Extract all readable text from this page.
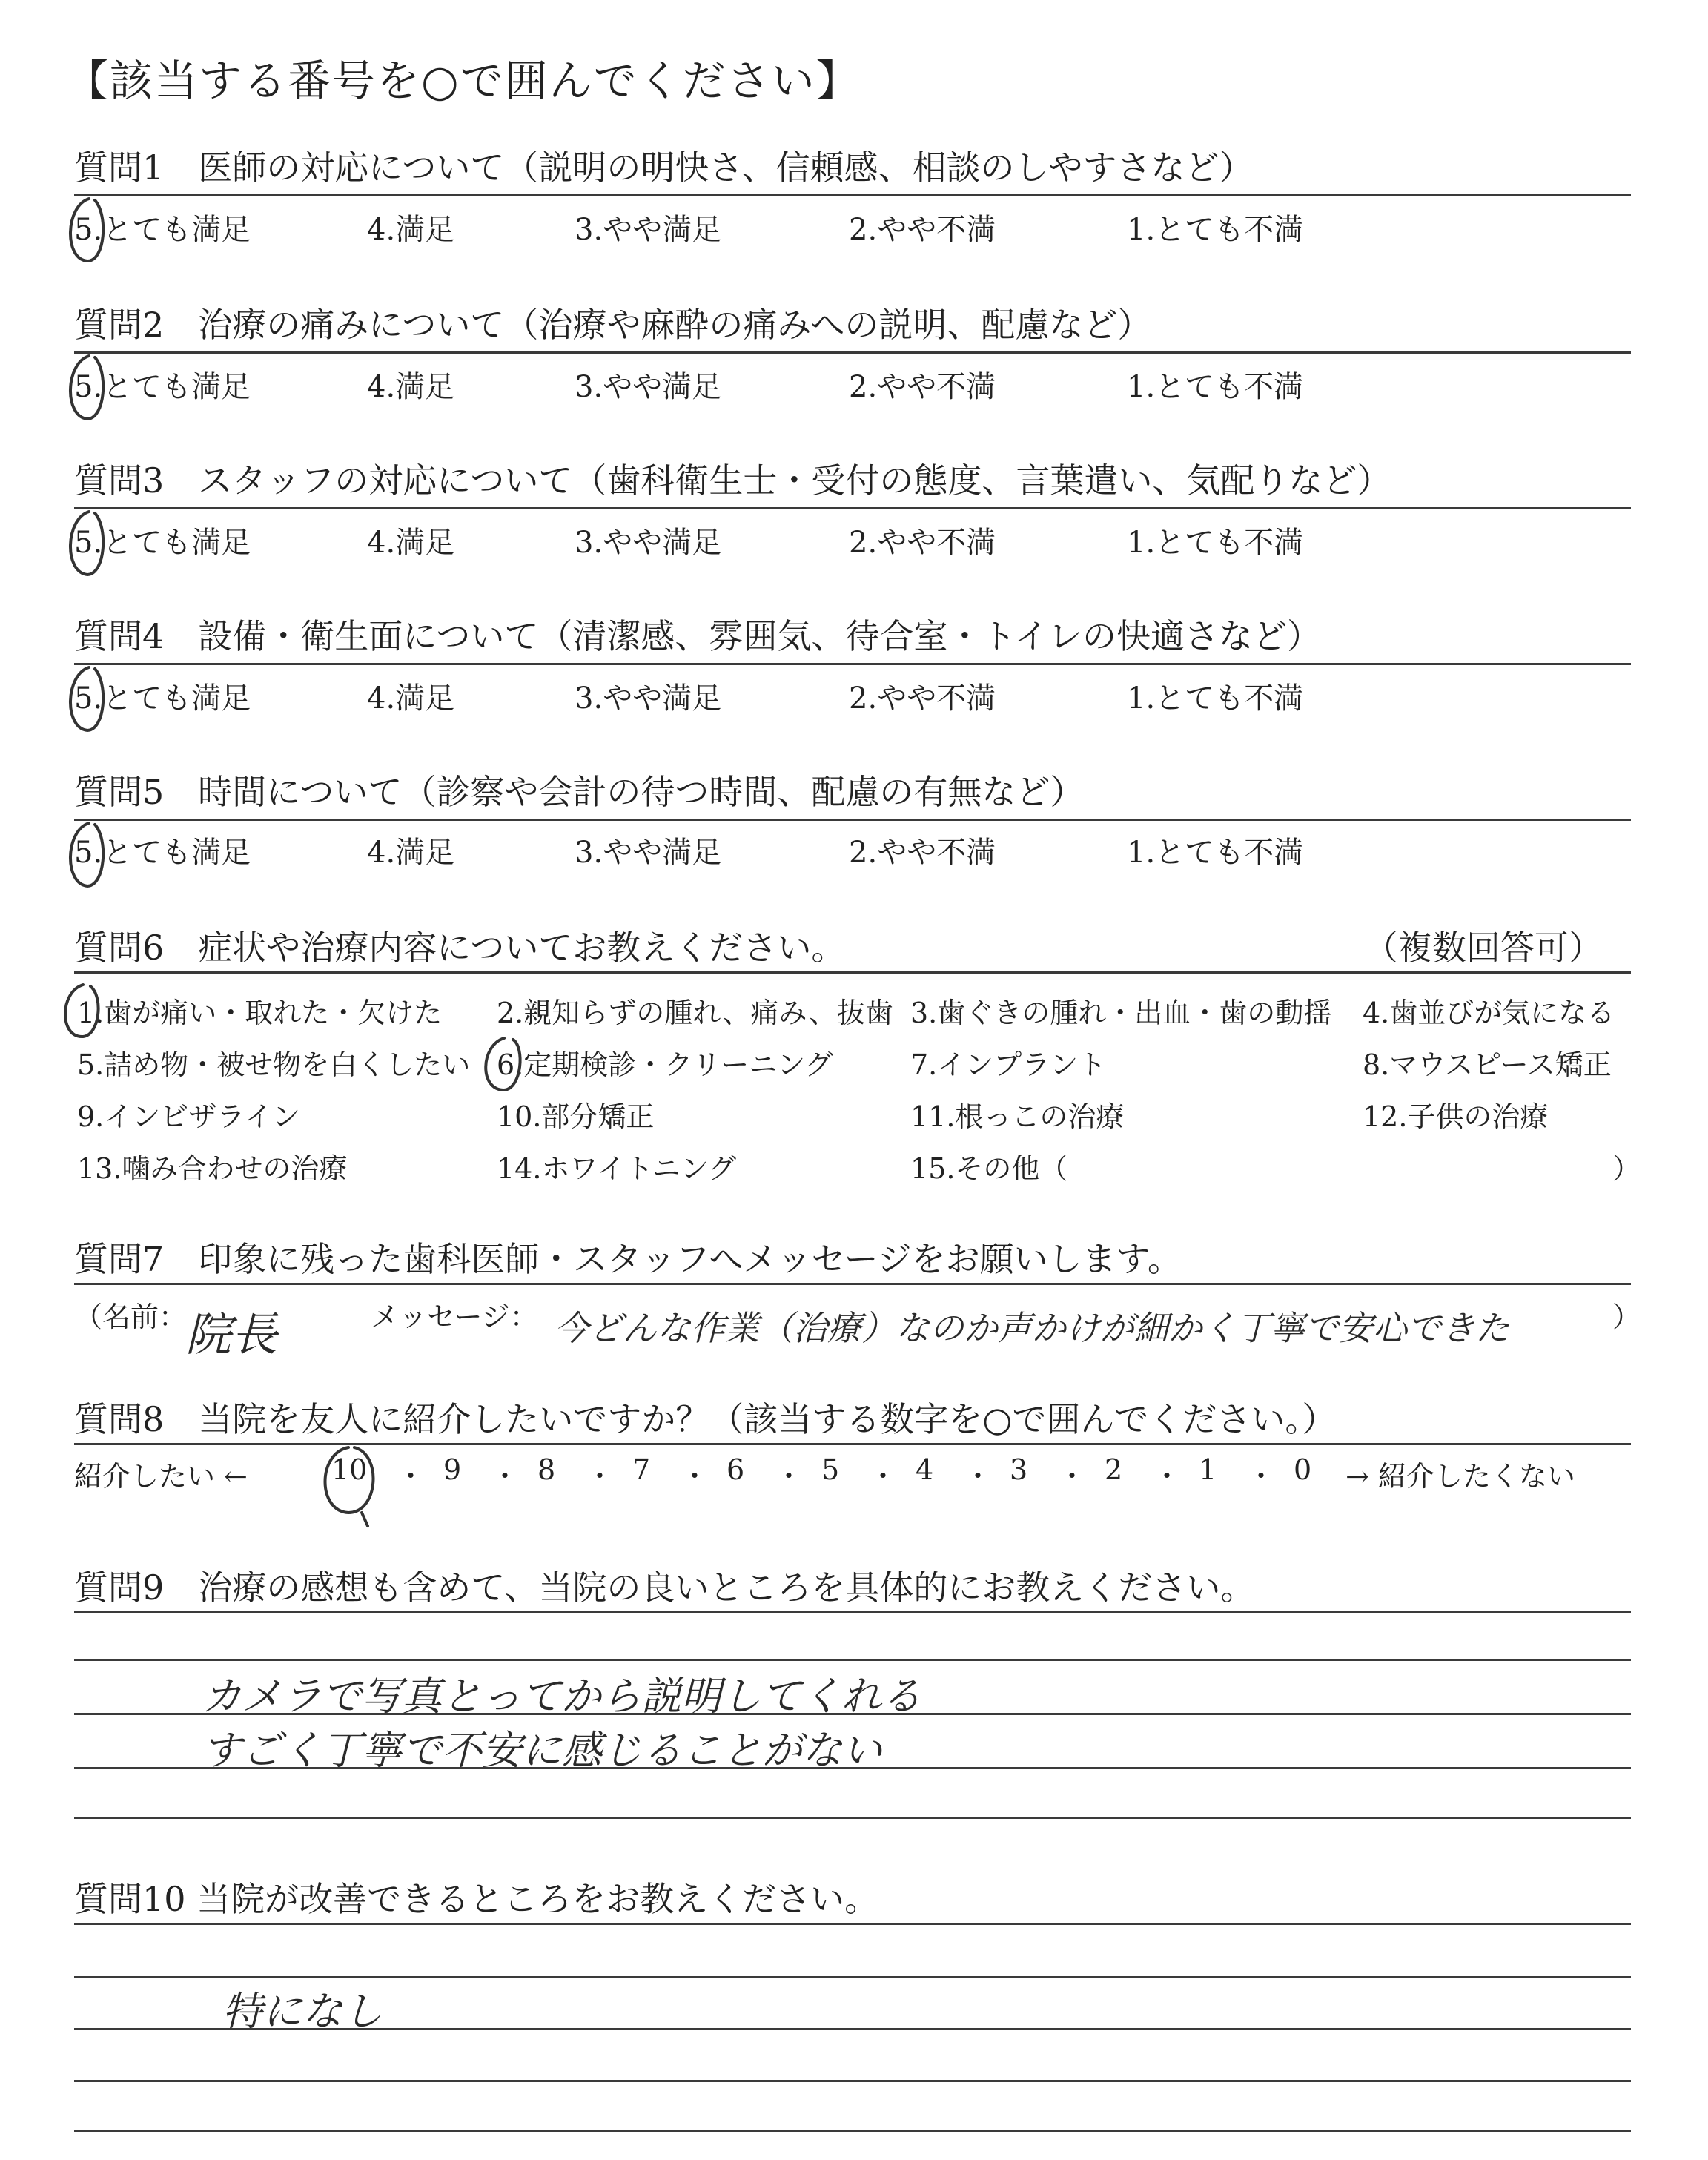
【該当する番号を○で囲んでください】
質問1　医師の対応について（説明の明快さ、信頼感、相談のしやすさなど）
5.とても満足	4.満足	3.やや満足	2.やや不満	1.とても不満
質問2　治療の痛みについて（治療や麻酔の痛みへの説明、配慮など）
5.とても満足	4.満足	3.やや満足	2.やや不満	1.とても不満
質問3　スタッフの対応について（歯科衛生士・受付の態度、言葉遣い、気配りなど）
5.とても満足	4.満足	3.やや満足	2.やや不満	1.とても不満
質問4　設備・衛生面について（清潔感、雰囲気、待合室・トイレの快適さなど）
5.とても満足	4.満足	3.やや満足	2.やや不満	1.とても不満
質問5　時間について（診察や会計の待つ時間、配慮の有無など）
5.とても満足	4.満足	3.やや満足	2.やや不満	1.とても不満
質問6　症状や治療内容についてお教えください。	（複数回答可）
1.歯が痛い・取れた・欠けた 2.親知らずの腫れ、痛み、抜歯 3.歯ぐきの腫れ・出血・歯の動揺 4.歯並びが気になる
5.詰め物・被せ物を白くしたい 6.定期検診・クリーニング	7.インプラント	8.マウスピース矯正
9.インビザライン	10.部分矯正	11.根っこの治療	12.子供の治療
13.噛み合わせの治療	14.ホワイトニング	15.その他（	）
質問7　印象に残った歯科医師・スタッフへメッセージをお願いします。
（名前：
院長	メッセージ： 今どんな作業（治療）なのか声かけが細かく丁寧で安心できた	）
質問8　当院を友人に紹介したいですか？（該当する数字を○で囲んでください。）
紹介したい ←	→ 紹介したくない
10 ・ 9 ・ 8 ・ 7 ・ 6 ・ 5 ・ 4 ・ 3 ・ 2 ・ 1 ・ 0
質問9　治療の感想も含めて、当院の良いところを具体的にお教えください。
カメラで写真とってから説明してくれる
すごく丁寧で不安に感じることがない
質問10 当院が改善できるところをお教えください。
特になし
